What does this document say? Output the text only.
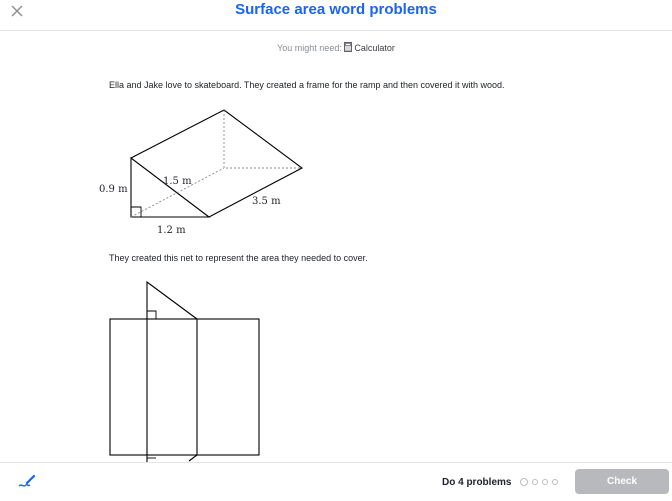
Surface area word problems
You might need: Calculator
Ella and Jake love to skateboard. They created a frame for the ramp and then covered it with wood.
0.9 m
1.5 m
3.5 m
1.2 m
They created this net to represent the area they needed to cover.
Do 4 problems	Check
